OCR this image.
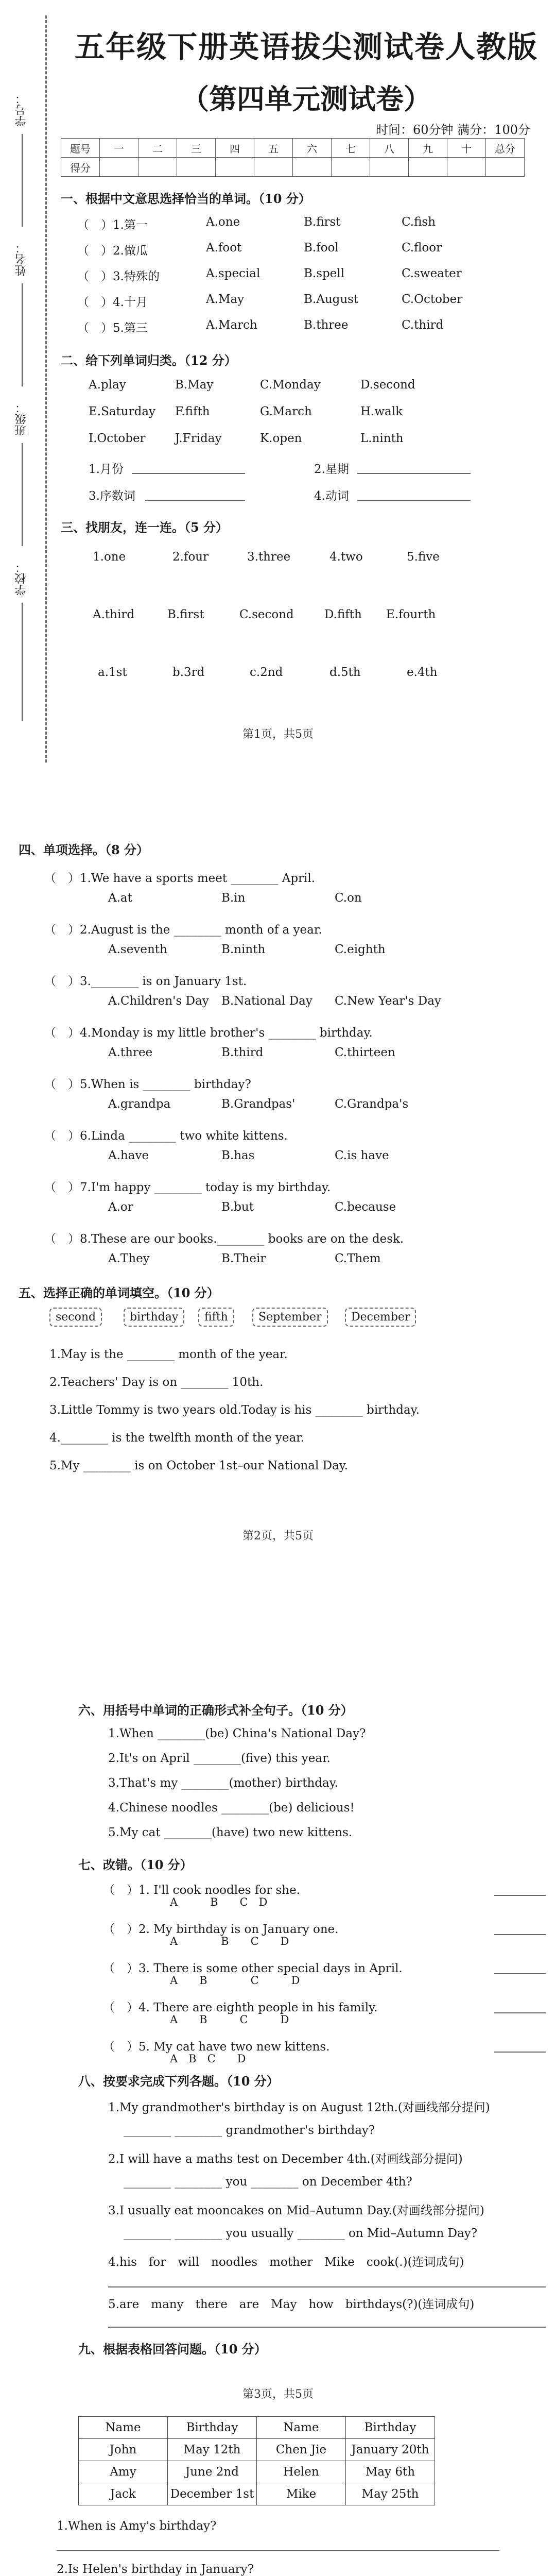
学号：
姓名：
班级：
学校：
五年级下册英语拔尖测试卷人教版
（第四单元测试卷）
时间：60分钟 满分：100分
题号	一	二	三	四	五	六	七	八	九	十	总分
得分											
一、根据中文意思选择恰当的单词。（10 分）
（　）1.第一	A.one	B.first	C.fish
（　）2.做瓜	A.foot	B.fool	C.floor
（　）3.特殊的	A.special	B.spell	C.sweater
（　）4.十月	A.May	B.August	C.October
（　）5.第三	A.March	B.three	C.third
二、给下列单词归类。（12 分）
A.play	B.May	C.Monday	D.second
E.Saturday F.fifth	G.March	H.walk
I.October J.Friday	K.open	L.ninth
1.月份	2.星期
3.序数词	4.动词
三、找朋友，连一连。（5 分）
1.one	2.four	3.three	4.two	5.five
A.third	B.first	C.second	D.fifth E.fourth
a.1st	b.3rd	c.2nd	d.5th	e.4th
第1页，共5页
四、单项选择。（8 分）
（　）1.We have a sports meet ________ April.
A.at	B.in	C.on
（　）2.August is the ________ month of a year.
A.seventh	B.ninth	C.eighth
（　）3.________ is on January 1st.
A.Children's Day B.National Day C.New Year's Day
（　）4.Monday is my little brother's ________ birthday.
A.three	B.third	C.thirteen
（　）5.When is ________ birthday?
A.grandpa	B.Grandpas'	C.Grandpa's
（　）6.Linda ________ two white kittens.
A.have	B.has	C.is have
（　）7.I'm happy ________ today is my birthday.
A.or	B.but	C.because
（　）8.These are our books.________ books are on the desk.
A.They	B.Their	C.Them
五、选择正确的单词填空。（10 分）
second	birthday	fifth	September	December
1.May is the ________ month of the year.
2.Teachers' Day is on ________ 10th.
3.Little Tommy is two years old.Today is his ________ birthday.
4.________ is the twelfth month of the year.
5.My ________ is on October 1st–our National Day.
第2页，共5页
六、用括号中单词的正确形式补全句子。（10 分）
1.When ________(be) China's National Day?
2.It's on April ________(five) this year.
3.That's my ________(mother) birthday.
4.Chinese noodles ________(be) delicious!
5.My cat ________(have) two new kittens.
七、改错。（10 分）
（　）1. I'll cook noodles for she.
A　　　B　　C　D
（　）2. My birthday is on January one.
A　　　　B　　C　　D
（　）3. There is some other special days in April.
A　　B　　　　C　　　D
（　）4. There are eighth people in his family.
A　　B　　　C　　　D
（　）5. My cat have two new kittens.
A　B　C　　D
八、按要求完成下列各题。（10 分）
1.My grandmother's birthday is on August 12th.(对画线部分提问)
________ ________ grandmother's birthday?
2.I will have a maths test on December 4th.(对画线部分提问)
________ ________ you ________ on December 4th?
3.I usually eat mooncakes on Mid–Autumn Day.(对画线部分提问)
________ ________ you usually ________ on Mid–Autumn Day?
4.his　for　will　noodles　mother　Mike　cook(.)(连词成句)
5.are　many　there　are　May　how　birthdays(?)(连词成句)
九、根据表格回答问题。（10 分）
第3页，共5页
Name	Birthday	Name	Birthday
John	May 12th	Chen Jie	January 20th
Amy	June 2nd	Helen	May 6th
Jack	December 1st	Mike	May 25th
1.When is Amy's birthday?
2.Is Helen's birthday in January?
